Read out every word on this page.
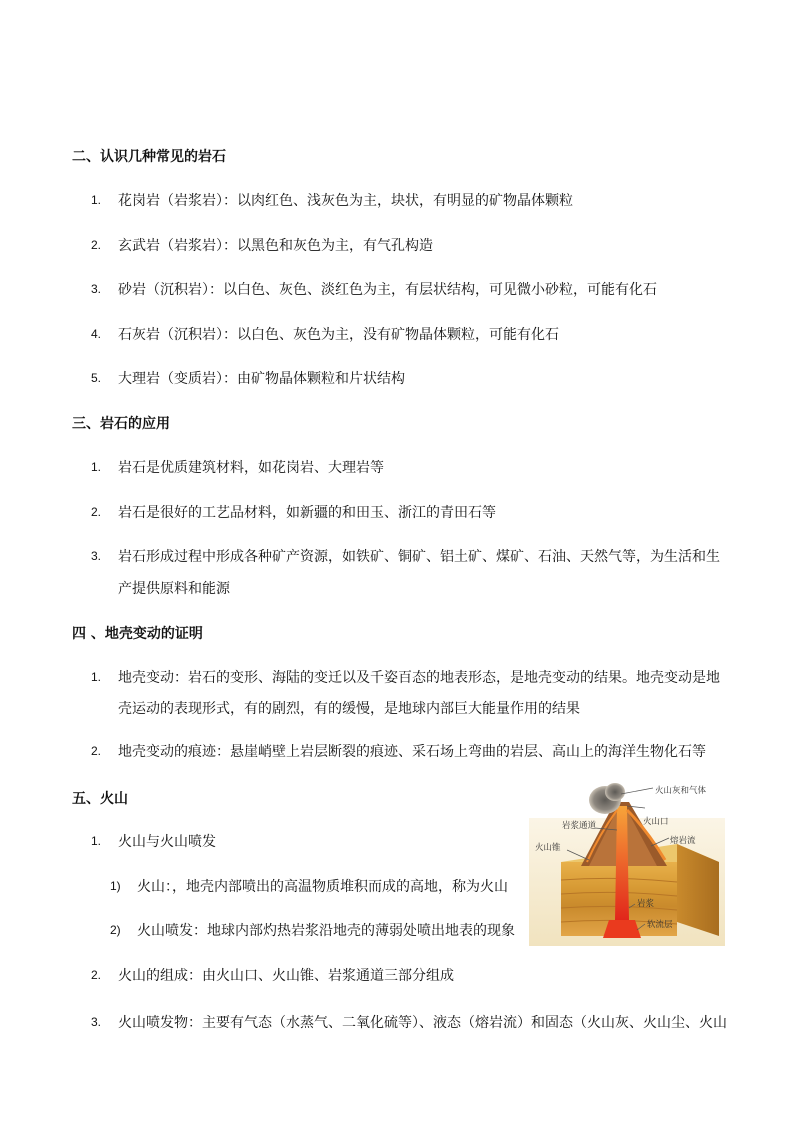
二、认识几种常见的岩石
1. 花岗岩（岩浆岩）：以肉红色、浅灰色为主，块状，有明显的矿物晶体颗粒
2. 玄武岩（岩浆岩）：以黑色和灰色为主，有气孔构造
3. 砂岩（沉积岩）：以白色、灰色、淡红色为主，有层状结构，可见微小砂粒，可能有化石
4. 石灰岩（沉积岩）：以白色、灰色为主，没有矿物晶体颗粒，可能有化石
5. 大理岩（变质岩）：由矿物晶体颗粒和片状结构
三、岩石的应用
1. 岩石是优质建筑材料，如花岗岩、大理岩等
2. 岩石是很好的工艺品材料，如新疆的和田玉、浙江的青田石等
3. 岩石形成过程中形成各种矿产资源，如铁矿、铜矿、铝土矿、煤矿、石油、天然气等，为生活和生
产提供原料和能源
四 、地壳变动的证明
1. 地壳变动：岩石的变形、海陆的变迁以及千姿百态的地表形态，是地壳变动的结果。地壳变动是地
壳运动的表现形式，有的剧烈，有的缓慢，是地球内部巨大能量作用的结果
2. 地壳变动的痕迹：悬崖峭壁上岩层断裂的痕迹、采石场上弯曲的岩层、高山上的海洋生物化石等
五、火山
1. 火山与火山喷发
1) 火山：，地壳内部喷出的高温物质堆积而成的高地，称为火山
2) 火山喷发：地球内部灼热岩浆沿地壳的薄弱处喷出地表的现象
2. 火山的组成：由火山口、火山锥、岩浆通道三部分组成
3. 火山喷发物：主要有气态（水蒸气、二氧化硫等）、液态（熔岩流）和固态（火山灰、火山尘、火山
火山灰和气体
火山口
岩浆通道
熔岩流
火山锥
岩浆
软流层
